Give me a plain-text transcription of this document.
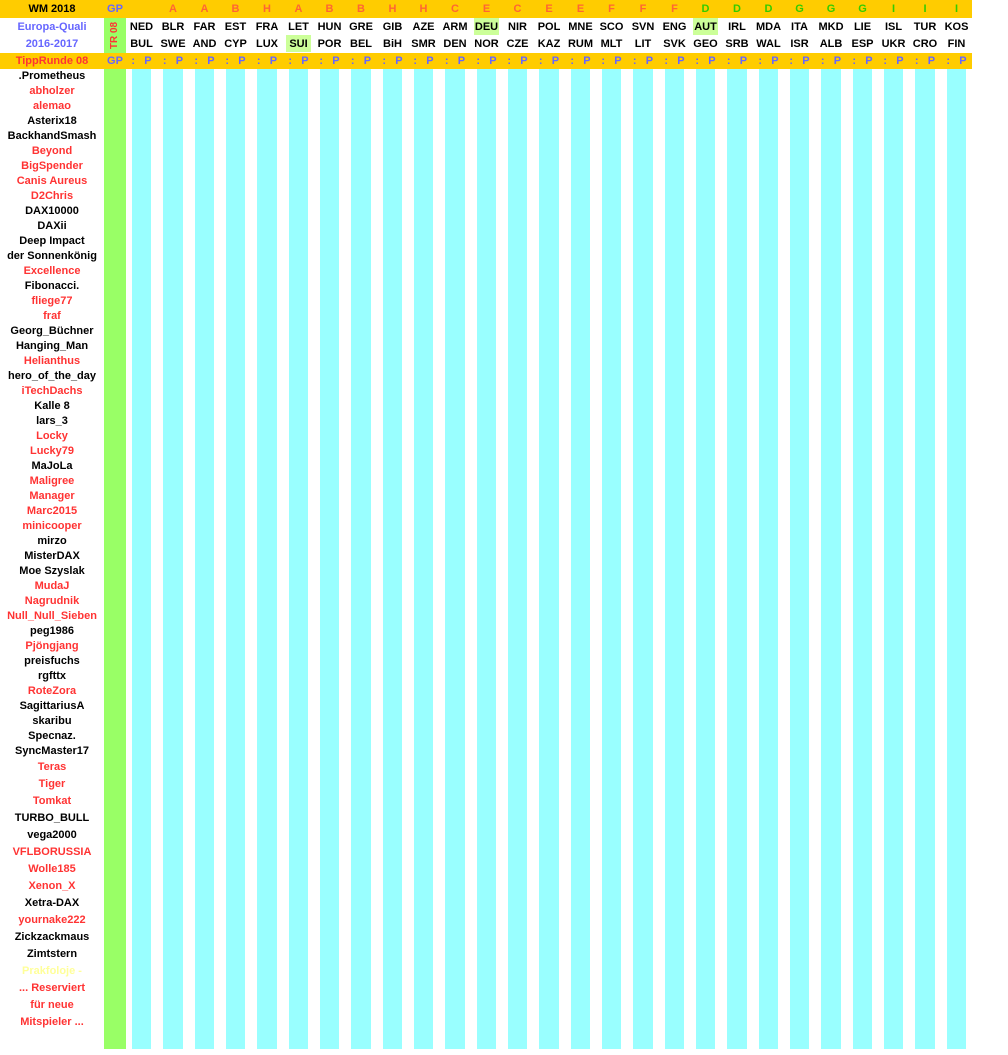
WM 2018
Europa-Quali
2016-2017
GP
TR 08
TippRunde 08	GP
NED
BUL
:   P
A
BLR
SWE
:   P
A
FAR
AND
:   P
B
EST
CYP
:   P
H
FRA
LUX
:   P
A
LET
SUI
:   P
B
HUN
POR
:   P
B
GRE
BEL
:   P
H
GIB
BiH
:   P
H
AZE
SMR
:   P
C
ARM
DEN
:   P
E
DEU
NOR
:   P
C
NIR
CZE
:   P
E
POL
KAZ
:   P
E
MNE
RUM
:   P
F
SCO
MLT
:   P
F
SVN
LIT
:   P
F
ENG
SVK
:   P
D
AUT
GEO
:   P
D
IRL
SRB
:   P
D
MDA
WAL
:   P
G
ITA
ISR
:   P
G
MKD
ALB
:   P
G
LIE
ESP
:   P
I
ISL
UKR
:   P
I
TUR
CRO
:   P
I
KOS
FIN
:   P
.Prometheus
abholzer
alemao
Asterix18
BackhandSmash
Beyond
BigSpender
Canis Aureus
D2Chris
DAX10000
DAXii
Deep Impact
der Sonnenkönig
Excellence
Fibonacci.
fliege77
fraf
Georg_Büchner
Hanging_Man
Helianthus
hero_of_the_day
iTechDachs
Kalle 8
lars_3
Locky
Lucky79
MaJoLa
Maligree
Manager
Marc2015
minicooper
mirzo
MisterDAX
Moe Szyslak
MudaJ
Nagrudnik
Null_Null_Sieben
peg1986
Pjöngjang
preisfuchs
rgfttx
RoteZora
SagittariusA
skaribu
Specnaz.
SyncMaster17
Teras
Tiger
Tomkat
TURBO_BULL
vega2000
VFLBORUSSIA
Wolle185
Xenon_X
Xetra-DAX
yournake222
Zickzackmaus
Zimtstern
Prakfoloje -
... Reserviert
für neue
Mitspieler ...
